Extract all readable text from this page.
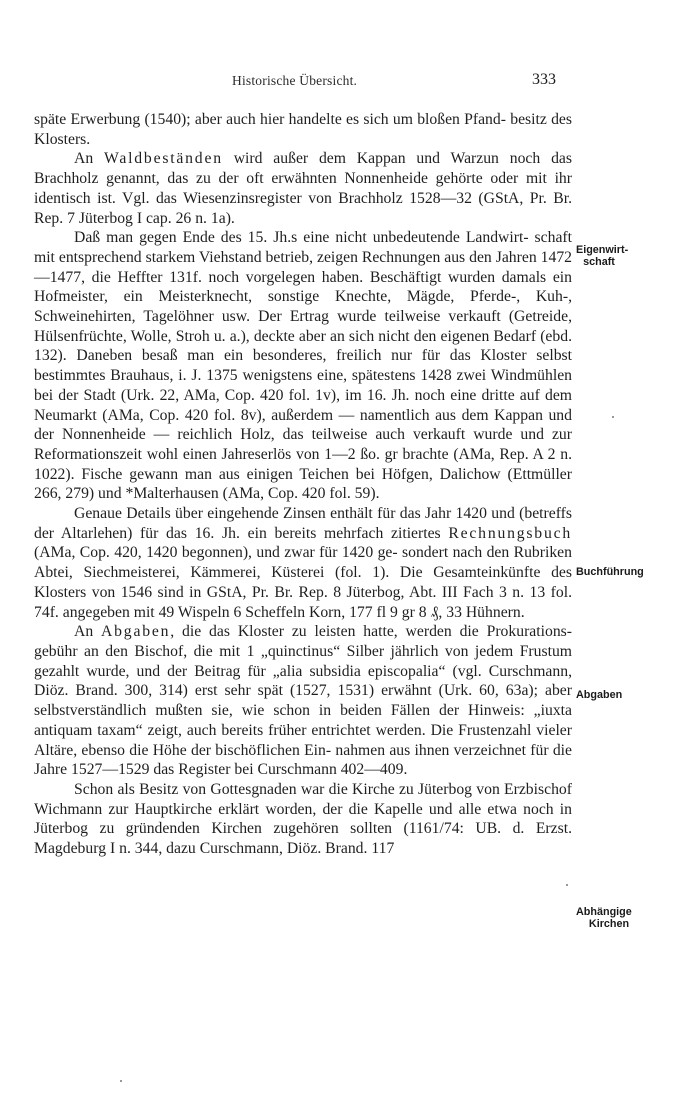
Historische Übersicht.	333

späte Erwerbung (1540); aber auch hier handelte es sich um bloßen Pfand- besitz des Klosters.

An Waldbeständen wird außer dem Kappan und Warzun noch das Brachholz genannt, das zu der oft erwähnten Nonnenheide gehörte oder mit ihr identisch ist. Vgl. das Wiesenzinsregister von Brachholz 1528—32 (GStA, Pr. Br. Rep. 7 Jüterbog I cap. 26 n. 1a).

Daß man gegen Ende des 15. Jh.s eine nicht unbedeutende Landwirt- schaft mit entsprechend starkem Viehstand betrieb, zeigen Rechnungen aus den Jahren 1472—1477, die Heffter 131f. noch vorgelegen haben. Beschäftigt wurden damals ein Hofmeister, ein Meisterknecht, sonstige Knechte, Mägde, Pferde-, Kuh-, Schweinehirten, Tagelöhner usw. Der Ertrag wurde teilweise verkauft (Getreide, Hülsenfrüchte, Wolle, Stroh u. a.), deckte aber an sich nicht den eigenen Bedarf (ebd. 132). Daneben besaß man ein besonderes, freilich nur für das Kloster selbst bestimmtes Brauhaus, i. J. 1375 wenigstens eine, spätestens 1428 zwei Windmühlen bei der Stadt (Urk. 22, AMa, Cop. 420 fol. 1v), im 16. Jh. noch eine dritte auf dem Neumarkt (AMa, Cop. 420 fol. 8v), außerdem — namentlich aus dem Kappan und der Nonnenheide — reichlich Holz, das teilweise auch verkauft wurde und zur Reformationszeit wohl einen Jahreserlös von 1—2 ßo. gr brachte (AMa, Rep. A 2 n. 1022). Fische gewann man aus einigen Teichen bei Höfgen, Dalichow (Ettmüller 266, 279) und *Malterhausen (AMa, Cop. 420 fol. 59).

Genaue Details über eingehende Zinsen enthält für das Jahr 1420 und (betreffs der Altarlehen) für das 16. Jh. ein bereits mehrfach zitiertes Rechnungsbuch (AMa, Cop. 420, 1420 begonnen), und zwar für 1420 ge- sondert nach den Rubriken Abtei, Siechmeisterei, Kämmerei, Küsterei (fol. 1). Die Gesamteinkünfte des Klosters von 1546 sind in GStA, Pr. Br. Rep. 8 Jüterbog, Abt. III Fach 3 n. 13 fol. 74f. angegeben mit 49 Wispeln 6 Scheffeln Korn, 177 fl 9 gr 8 ₰, 33 Hühnern.

An Abgaben, die das Kloster zu leisten hatte, werden die Prokurations- gebühr an den Bischof, die mit 1 „quinctinus“ Silber jährlich von jedem Frustum gezahlt wurde, und der Beitrag für „alia subsidia episcopalia“ (vgl. Curschmann, Diöz. Brand. 300, 314) erst sehr spät (1527, 1531) erwähnt (Urk. 60, 63a); aber selbstverständlich mußten sie, wie schon in beiden Fällen der Hinweis: „iuxta antiquam taxam“ zeigt, auch bereits früher entrichtet werden. Die Frustenzahl vieler Altäre, ebenso die Höhe der bischöflichen Ein- nahmen aus ihnen verzeichnet für die Jahre 1527—1529 das Register bei Curschmann 402—409.

Schon als Besitz von Gottesgnaden war die Kirche zu Jüterbog von Erzbischof Wichmann zur Hauptkirche erklärt worden, der die Kapelle und alle etwa noch in Jüterbog zu gründenden Kirchen zugehören sollten (1161/74: UB. d. Erzst. Magdeburg I n. 344, dazu Curschmann, Diöz. Brand. 117

Eigenwirt-

schaft
Buchführung
Abgaben
Abhängige

Kirchen
